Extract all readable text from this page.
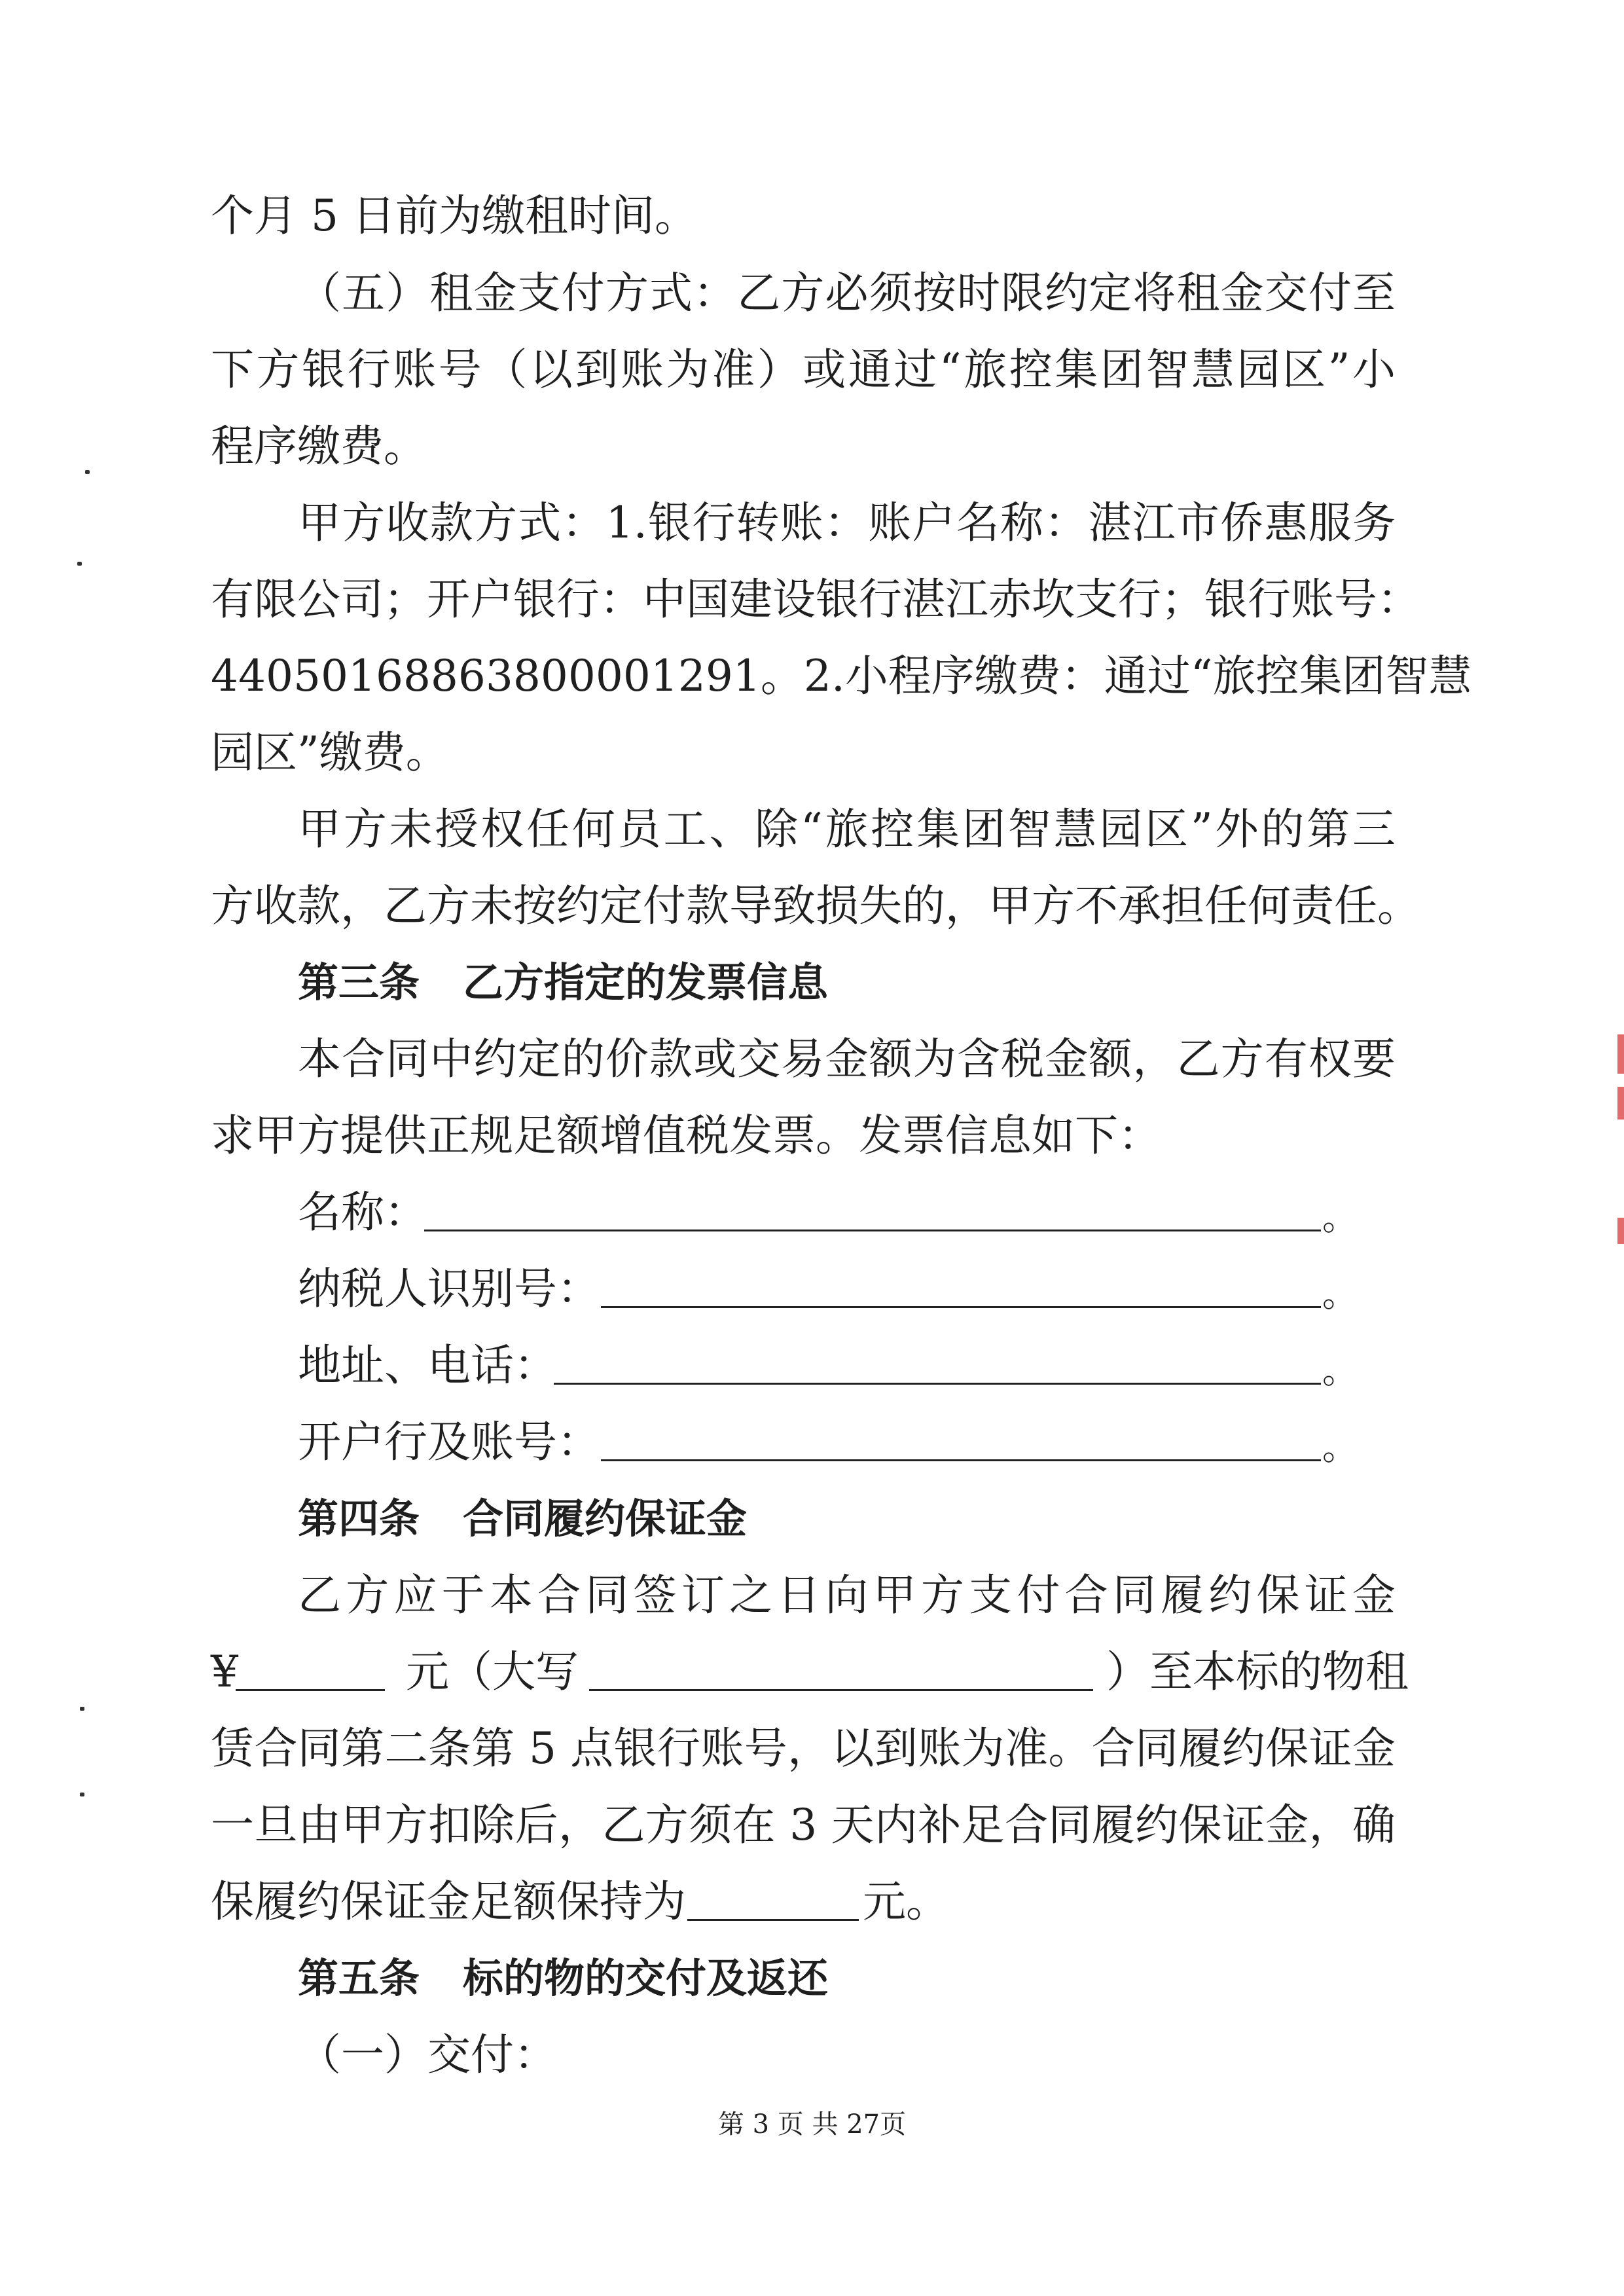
个月 5 日前为缴租时间。
（五）租金支付方式：乙方必须按时限约定将租金交付至
下方银行账号（以到账为准）或通过“旅控集团智慧园区”小
程序缴费。
甲方收款方式：1.银行转账：账户名称：湛江市侨惠服务
有限公司；开户银行：中国建设银行湛江赤坎支行；银行账号：
44050168863800001291。2.小程序缴费：通过“旅控集团智慧
园区”缴费。
甲方未授权任何员工、除“旅控集团智慧园区”外的第三
方收款，乙方未按约定付款导致损失的，甲方不承担任何责任。
第三条 乙方指定的发票信息
本合同中约定的价款或交易金额为含税金额，乙方有权要
求甲方提供正规足额增值税发票。发票信息如下：
名称：	。
纳税人识别号：	。
地址、电话：	。
开户行及账号：	。
第四条 合同履约保证金
乙方应于本合同签订之日向甲方支付合同履约保证金
¥	元（大写	）至本标的物租
赁合同第二条第 5 点银行账号，以到账为准。合同履约保证金
一旦由甲方扣除后，乙方须在 3 天内补足合同履约保证金，确
保履约保证金足额保持为	元。
第五条 标的物的交付及返还
（一）交付：
第 3 页 共 27页
